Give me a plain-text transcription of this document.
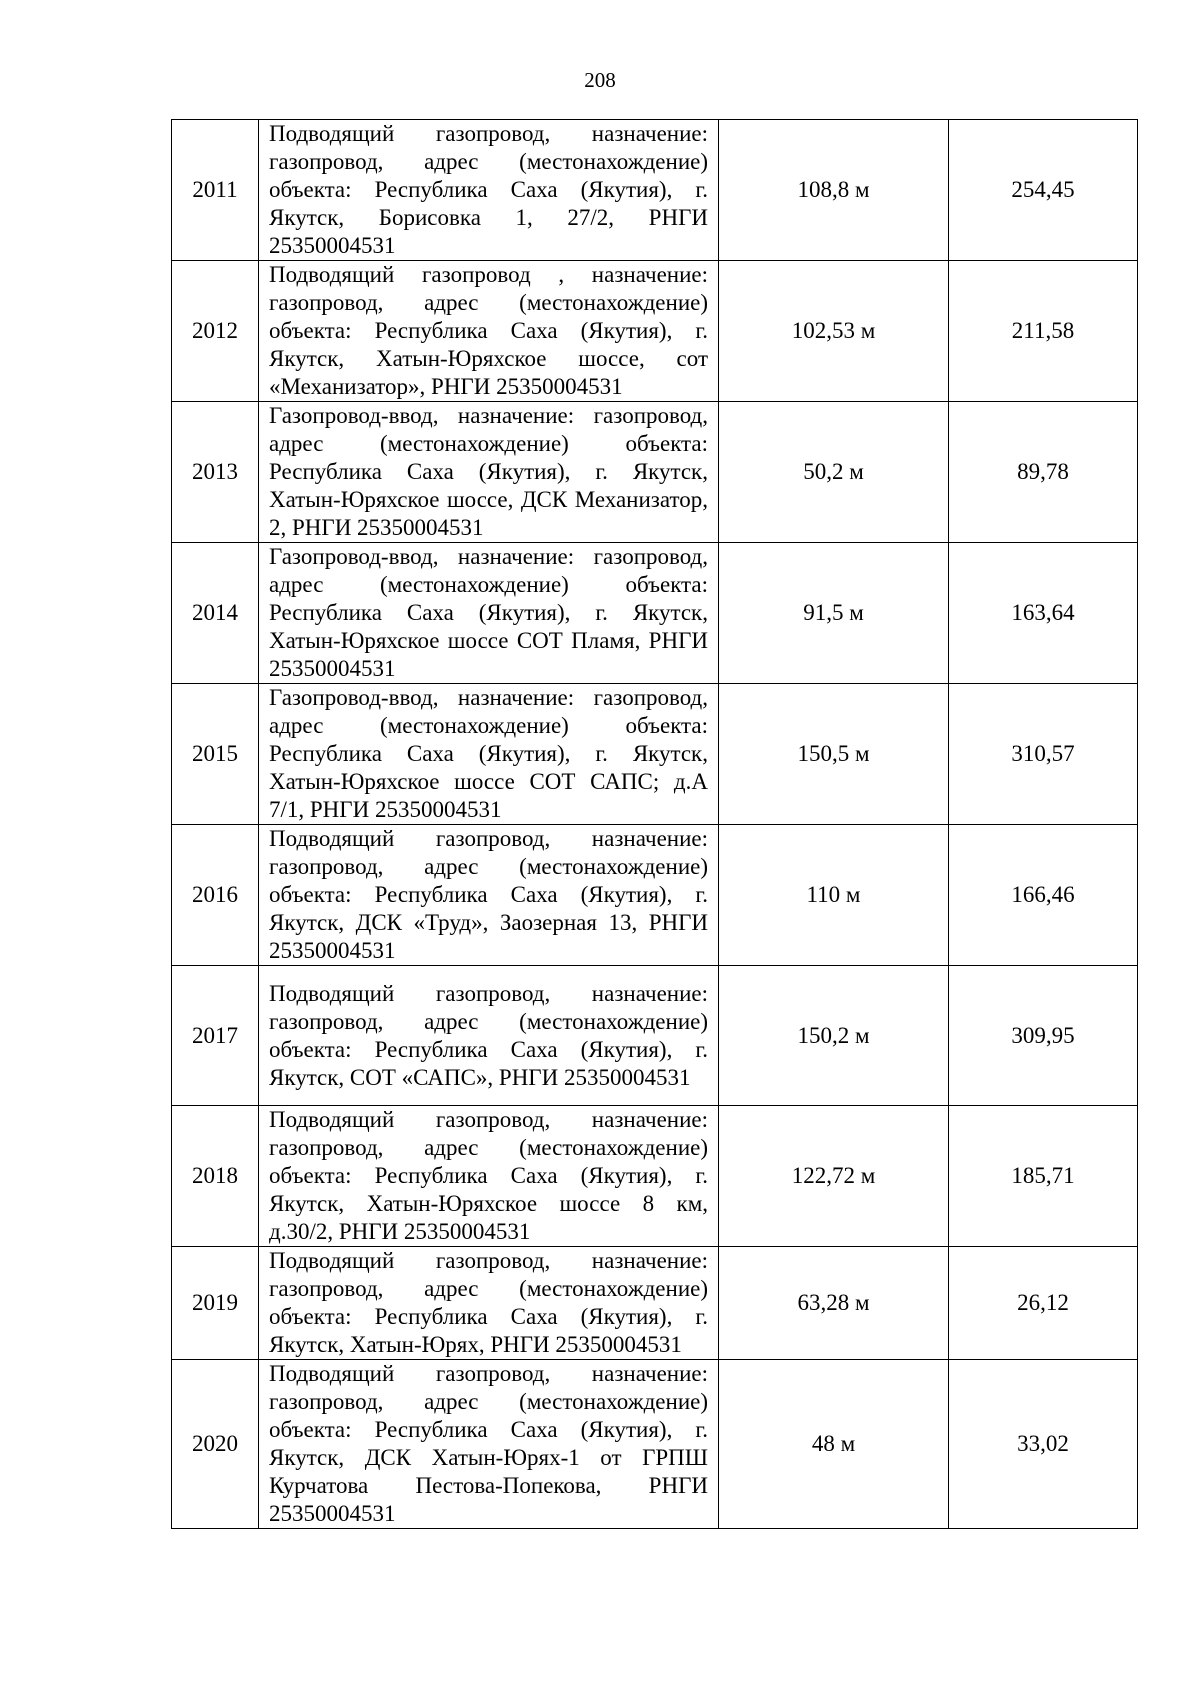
208
2011	Подводящий газопровод, назначение: газопровод, адрес (местонахождение) объекта: Республика Саха (Якутия), г. Якутск, Борисовка 1, 27/2, РНГИ 25350004531	108,8 м	254,45
2012	Подводящий газопровод , назначение: газопровод, адрес (местонахождение) объекта: Республика Саха (Якутия), г. Якутск, Хатын-Юряхское шоссе, сот «Механизатор», РНГИ 25350004531	102,53 м	211,58
2013	Газопровод-ввод, назначение: газопровод, адрес (местонахождение) объекта: Республика Саха (Якутия), г. Якутск, Хатын-Юряхское шоссе, ДСК Механизатор, 2, РНГИ 25350004531	50,2 м	89,78
2014	Газопровод-ввод, назначение: газопровод, адрес (местонахождение) объекта: Республика Саха (Якутия), г. Якутск, Хатын-Юряхское шоссе СОТ Пламя, РНГИ 25350004531	91,5 м	163,64
2015	Газопровод-ввод, назначение: газопровод, адрес (местонахождение) объекта: Республика Саха (Якутия), г. Якутск, Хатын-Юряхское шоссе СОТ САПС; д.А 7/1, РНГИ 25350004531	150,5 м	310,57
2016	Подводящий газопровод, назначение: газопровод, адрес (местонахождение) объекта: Республика Саха (Якутия), г. Якутск, ДСК «Труд», Заозерная 13, РНГИ 25350004531	110 м	166,46
2017	Подводящий газопровод, назначение: газопровод, адрес (местонахождение) объекта: Республика Саха (Якутия), г. Якутск, СОТ «САПС», РНГИ 25350004531	150,2 м	309,95
2018	Подводящий газопровод, назначение: газопровод, адрес (местонахождение) объекта: Республика Саха (Якутия), г. Якутск, Хатын-Юряхское шоссе 8 км, д.30/2, РНГИ 25350004531	122,72 м	185,71
2019	Подводящий газопровод, назначение: газопровод, адрес (местонахождение) объекта: Республика Саха (Якутия), г. Якутск, Хатын-Юрях, РНГИ 25350004531	63,28 м	26,12
2020	Подводящий газопровод, назначение: газопровод, адрес (местонахождение) объекта: Республика Саха (Якутия), г. Якутск, ДСК Хатын-Юрях-1 от ГРПШ Курчатова Пестова-Попекова, РНГИ 25350004531	48 м	33,02
